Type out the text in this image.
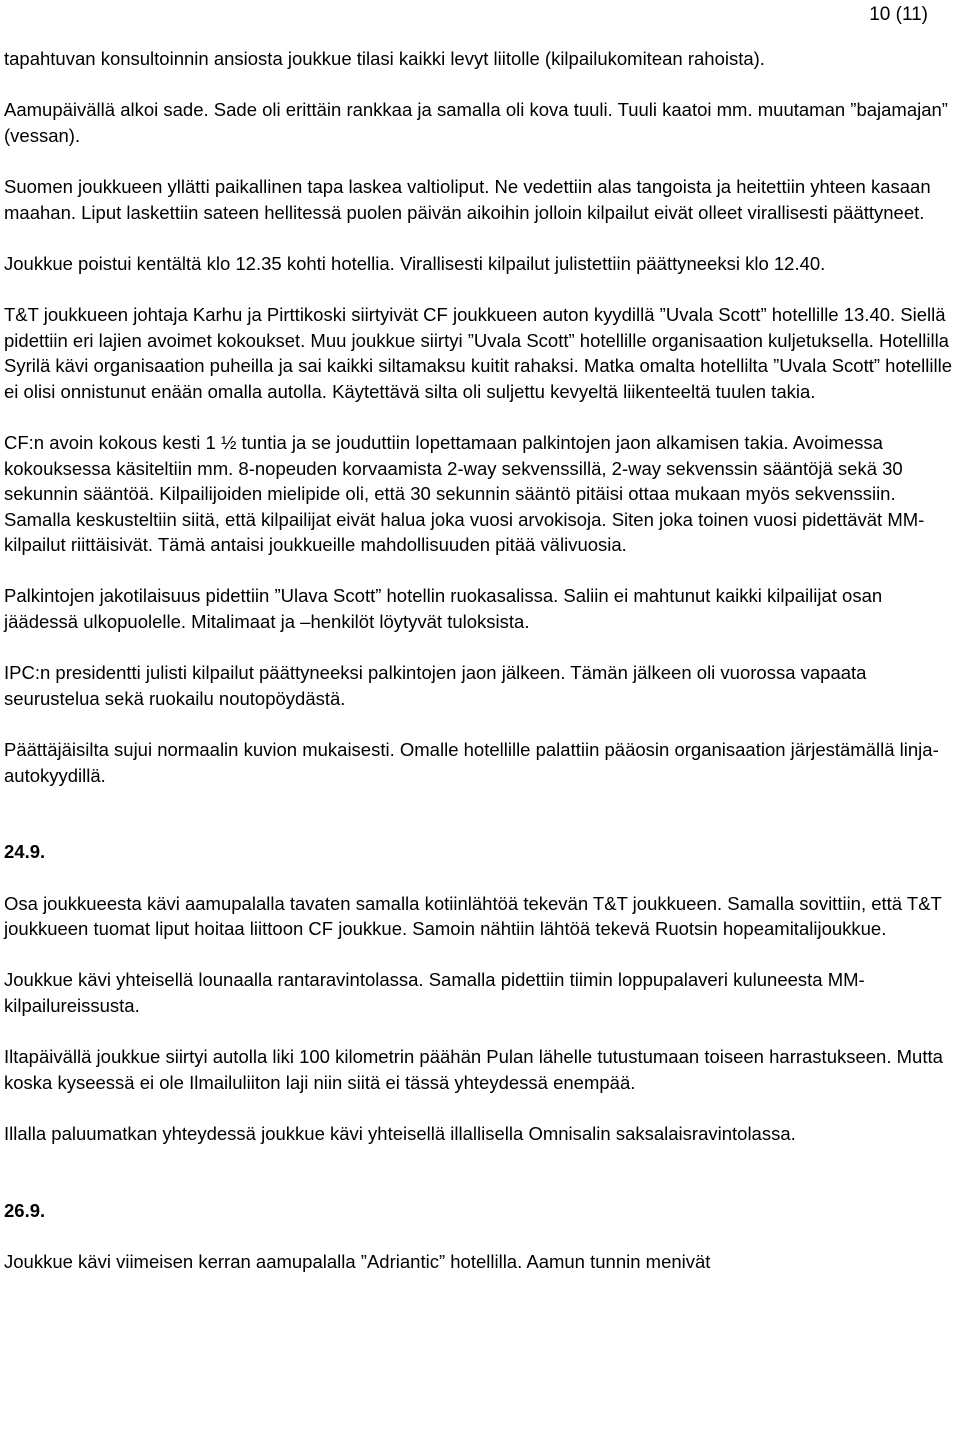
10 (11)

tapahtuvan konsultoinnin ansiosta joukkue tilasi kaikki levyt liitolle (kilpailukomitean rahoista).

Aamupäivällä alkoi sade. Sade oli erittäin rankkaa ja samalla oli kova tuuli. Tuuli kaatoi mm. muutaman ”bajamajan” (vessan).

Suomen joukkueen yllätti paikallinen tapa laskea valtioliput. Ne vedettiin alas tangoista ja heitettiin yhteen kasaan maahan. Liput laskettiin sateen hellitessä puolen päivän aikoihin jolloin kilpailut eivät olleet virallisesti päättyneet.

Joukkue poistui kentältä klo 12.35 kohti hotellia. Virallisesti kilpailut julistettiin päättyneeksi klo 12.40.

T&T joukkueen johtaja Karhu ja Pirttikoski siirtyivät CF joukkueen auton kyydillä ”Uvala Scott” hotellille 13.40. Siellä pidettiin eri lajien avoimet kokoukset. Muu joukkue siirtyi ”Uvala Scott” hotellille organisaation kuljetuksella. Hotellilla Syrilä kävi organisaation puheilla ja sai kaikki siltamaksu kuitit rahaksi. Matka omalta hotellilta ”Uvala Scott” hotellille ei olisi onnistunut enään omalla autolla. Käytettävä silta oli suljettu kevyeltä liikenteeltä tuulen takia.

CF:n avoin kokous kesti 1 ½ tuntia ja se jouduttiin lopettamaan palkintojen jaon alkamisen takia. Avoimessa kokouksessa käsiteltiin mm. 8-nopeuden korvaamista 2-way sekvenssillä, 2-way sekvenssin sääntöjä sekä 30 sekunnin sääntöä. Kilpailijoiden mielipide oli, että 30 sekunnin sääntö pitäisi ottaa mukaan myös sekvenssiin. Samalla keskusteltiin siitä, että kilpailijat eivät halua joka vuosi arvokisoja. Siten joka toinen vuosi pidettävät MM-kilpailut riittäisivät. Tämä antaisi joukkueille mahdollisuuden pitää välivuosia.

Palkintojen jakotilaisuus pidettiin ”Ulava Scott” hotellin ruokasalissa. Saliin ei mahtunut kaikki kilpailijat osan jäädessä ulkopuolelle. Mitalimaat ja –henkilöt löytyvät tuloksista.

IPC:n presidentti julisti kilpailut päättyneeksi palkintojen jaon jälkeen. Tämän jälkeen oli vuorossa vapaata seurustelua sekä ruokailu noutopöydästä.

Päättäjäisilta sujui normaalin kuvion mukaisesti. Omalle hotellille palattiin pääosin organisaation järjestämällä linja-autokyydillä.

24.9.

Osa joukkueesta kävi aamupalalla tavaten samalla kotiinlähtöä tekevän T&T joukkueen. Samalla sovittiin, että T&T joukkueen tuomat liput hoitaa liittoon CF joukkue. Samoin nähtiin lähtöä tekevä Ruotsin hopeamitalijoukkue.

Joukkue kävi yhteisellä lounaalla rantaravintolassa. Samalla pidettiin tiimin loppupalaveri kuluneesta MM-kilpailureissusta.

Iltapäivällä joukkue siirtyi autolla liki 100 kilometrin päähän Pulan lähelle tutustumaan toiseen harrastukseen. Mutta koska kyseessä ei ole Ilmailuliiton laji niin siitä ei tässä yhteydessä enempää.

Illalla paluumatkan yhteydessä joukkue kävi yhteisellä illallisella Omnisalin saksalaisravintolassa.

26.9.

Joukkue kävi viimeisen kerran aamupalalla ”Adriantic” hotellilla. Aamun tunnin menivät
